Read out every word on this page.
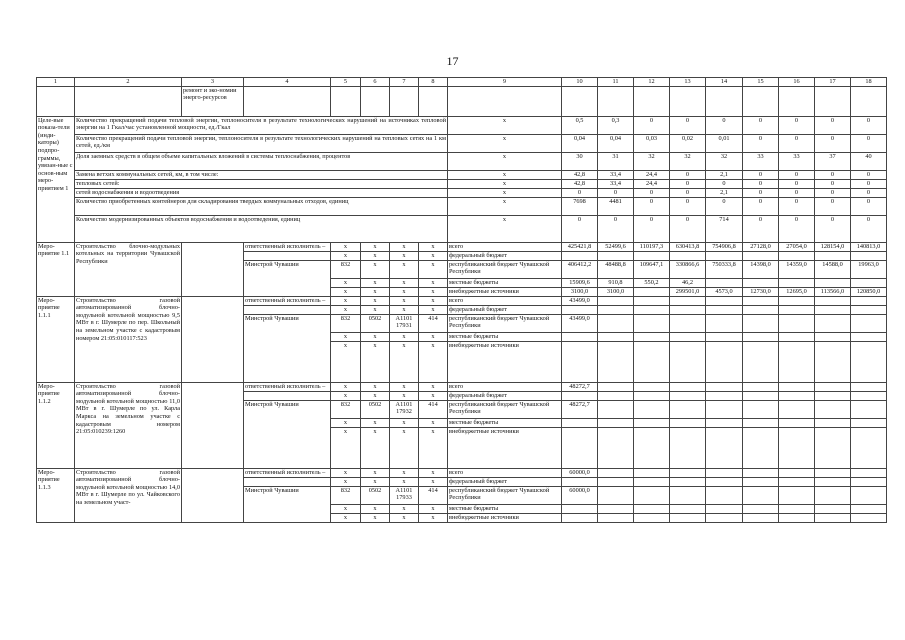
17
1	2	3	4	5	6	7	8	9	10	11	12	13	14	15	16	17	18
		ремонт и эко-номии энерго-ресурсов															
Целе-вые показа-тели (инди-каторы) подпро-граммы, увязан-ные с основ-ным меро-приятием 1	Количество прекращений подачи тепловой энергии, теплоносителя в результате технологических нарушений на источниках тепловой энергии на 1 Гкал/час установленной мощности, ед./Гкал							х	0,5	0,3	0	0	0	0	0	0	0
	Количество прекращений подачи тепловой энергии, теплоносителя в результате технологических нарушений на тепловых сетях на 1 км сетей, ед./км							х	0,04	0,04	0,03	0,02	0,01	0	0	0	0
	Доля заемных средств в общем объеме капитальных вложений в системы теплоснабжения, процентов							х	30	31	32	32	32	33	33	37	40
	Замена ветхих коммунальных сетей, км, в том числе:							х	42,8	33,4	24,4	0	2,1	0	0	0	0
	тепловых сетей:							х	42,8	33,4	24,4	0	0	0	0	0	0
	сетей водоснабжения и водоотведения							х	0	0	0	0	2,1	0	0	0	0
	Количество приобретенных контейнеров для складирования твердых коммунальных отходов, единиц							х	7698	4481	0	0	0	0	0	0	0
	Количество модернизированных объектов водоснабжения и водоотведения, единиц							х	0	0	0	0	714	0	0	0	0
Меро-приятие 1.1	Строительство блочно-модульных котельных на территории Чувашской Республики		ответственный исполнитель –	х	х	х	х	всего	425421,8	52499,6	110197,3	630413,8	754906,8	27128,0	27054,0	128154,0	140813,0
				х	х	х	х	федеральный бюджет									
			Минстрой Чувашии	832	х	х	х	республиканский бюджет Чувашской Республики	406412,2	48488,8	109647,1	330866,6	750333,8	14398,0	14359,0	14588,0	19963,0
				х	х	х	х	местные бюджеты	15909,6	910,8	550,2	46,2					
				х	х	х	х	внебюджетные источники	3100,0	3100,0		299501,0	4573,0	12730,0	12695,0	113566,0	120850,0
Меро-приятие 1.1.1	Строительство газовой автоматизированной блочно-модульной котельной мощностью 9,5 МВт в г. Шумерле по пер. Школьный на земельном участке с кадастровым номером 21:05:010117:523		ответственный исполнитель –	х	х	х	х	всего	43499,0								
				х	х	х	х	федеральный бюджет									
			Минстрой Чувашии	832	0502	А1101 17931	414	республиканский бюджет Чувашской Республики	43499,0								
				х	х	х	х	местные бюджеты									
				х	х	х	х	внебюджетные источники									
Меро-приятие 1.1.2	Строительство газовой автоматизированной блочно-модульной котельной мощностью 11,0 МВт в г. Шумерле по ул. Карла Маркса на земельном участке с кадастровым номером 21:05:010239:1260		ответственный исполнитель –	х	х	х	х	всего	48272,7								
				х	х	х	х	федеральный бюджет									
			Минстрой Чувашии	832	0502	А1101 17932	414	республиканский бюджет Чувашской Республики	48272,7								
				х	х	х	х	местные бюджеты									
				х	х	х	х	внебюджетные источники									
Меро-приятие 1.1.3	Строительство газовой автоматизированной блочно-модульной котельной мощностью 14,0 МВт в г. Шумерле по ул. Чайковского на земельном участ-		ответственный исполнитель –	х	х	х	х	всего	60000,0								
				х	х	х	х	федеральный бюджет									
			Минстрой Чувашии	832	0502	А1101 17933	414	республиканский бюджет Чувашской Республики	60000,0								
				х	х	х	х	местные бюджеты									
				х	х	х	х	внебюджетные источники									
